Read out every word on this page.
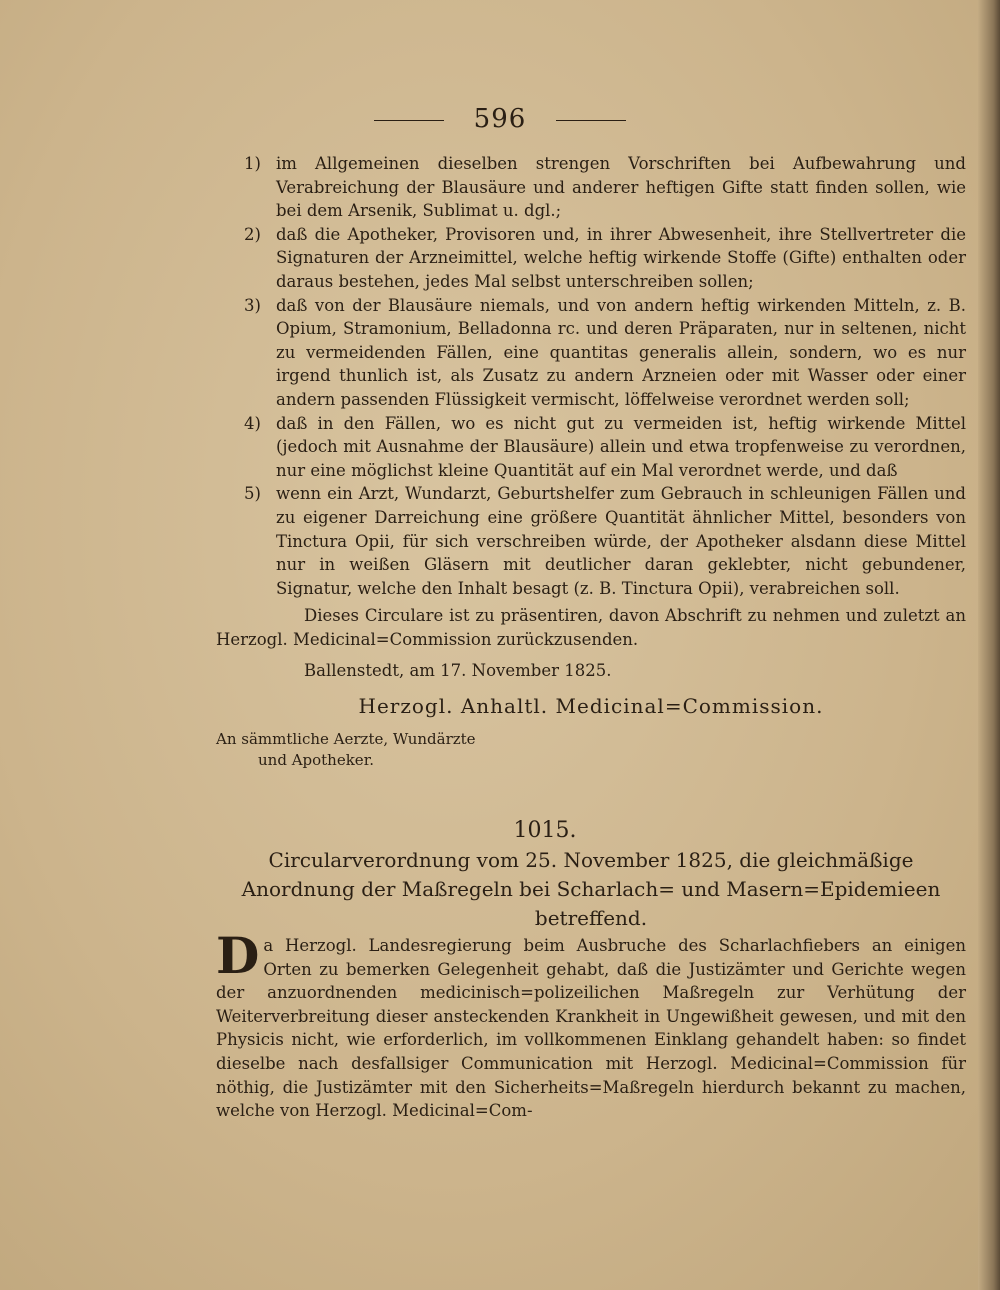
596
1) im Allgemeinen dieselben strengen Vorschriften bei Aufbewahrung und Verabreichung der Blausäure und anderer heftigen Gifte statt finden sollen, wie bei dem Arsenik, Sublimat u. dgl.;
2) daß die Apotheker, Provisoren und, in ihrer Abwesenheit, ihre Stellvertreter die Signaturen der Arzneimittel, welche heftig wirkende Stoffe (Gifte) enthalten oder daraus bestehen, jedes Mal selbst unterschreiben sollen;
3) daß von der Blausäure niemals, und von andern heftig wirkenden Mitteln, z. B. Opium, Stramonium, Belladonna rc. und deren Präparaten, nur in seltenen, nicht zu vermeidenden Fällen, eine quantitas generalis allein, sondern, wo es nur irgend thunlich ist, als Zusatz zu andern Arzneien oder mit Wasser oder einer andern passenden Flüssigkeit vermischt, löffelweise verordnet werden soll;
4) daß in den Fällen, wo es nicht gut zu vermeiden ist, heftig wirkende Mittel (jedoch mit Ausnahme der Blausäure) allein und etwa tropfenweise zu verordnen, nur eine möglichst kleine Quantität auf ein Mal verordnet werde, und daß
5) wenn ein Arzt, Wundarzt, Geburtshelfer zum Gebrauch in schleunigen Fällen und zu eigener Darreichung eine größere Quantität ähnlicher Mittel, besonders von Tinctura Opii, für sich verschreiben würde, der Apotheker alsdann diese Mittel nur in weißen Gläsern mit deutlicher daran geklebter, nicht gebundener, Signatur, welche den Inhalt besagt (z. B. Tinctura Opii), verabreichen soll.
Dieses Circulare ist zu präsentiren, davon Abschrift zu nehmen und zuletzt an Herzogl. Medicinal=Commission zurückzusenden.
Ballenstedt, am 17. November 1825.
Herzogl. Anhaltl. Medicinal=Commission.
An sämmtliche Aerzte, Wundärzte
und Apotheker.
1015.
Circularverordnung vom 25. November 1825, die gleichmäßige Anordnung der Maßregeln bei Scharlach= und Masern=Epidemieen betreffend.
D a Herzogl. Landesregierung beim Ausbruche des Scharlachfiebers an einigen Orten zu bemerken Gelegenheit gehabt, daß die Justizämter und Gerichte wegen der anzuordnenden medicinisch=polizeilichen Maßregeln zur Verhütung der Weiterverbreitung dieser ansteckenden Krankheit in Ungewißheit gewesen, und mit den Physicis nicht, wie erforderlich, im vollkommenen Einklang gehandelt haben: so findet dieselbe nach desfallsiger Communication mit Herzogl. Medicinal=Commission für nöthig, die Justizämter mit den Sicherheits=Maßregeln hierdurch bekannt zu machen, welche von Herzogl. Medicinal=Com-
